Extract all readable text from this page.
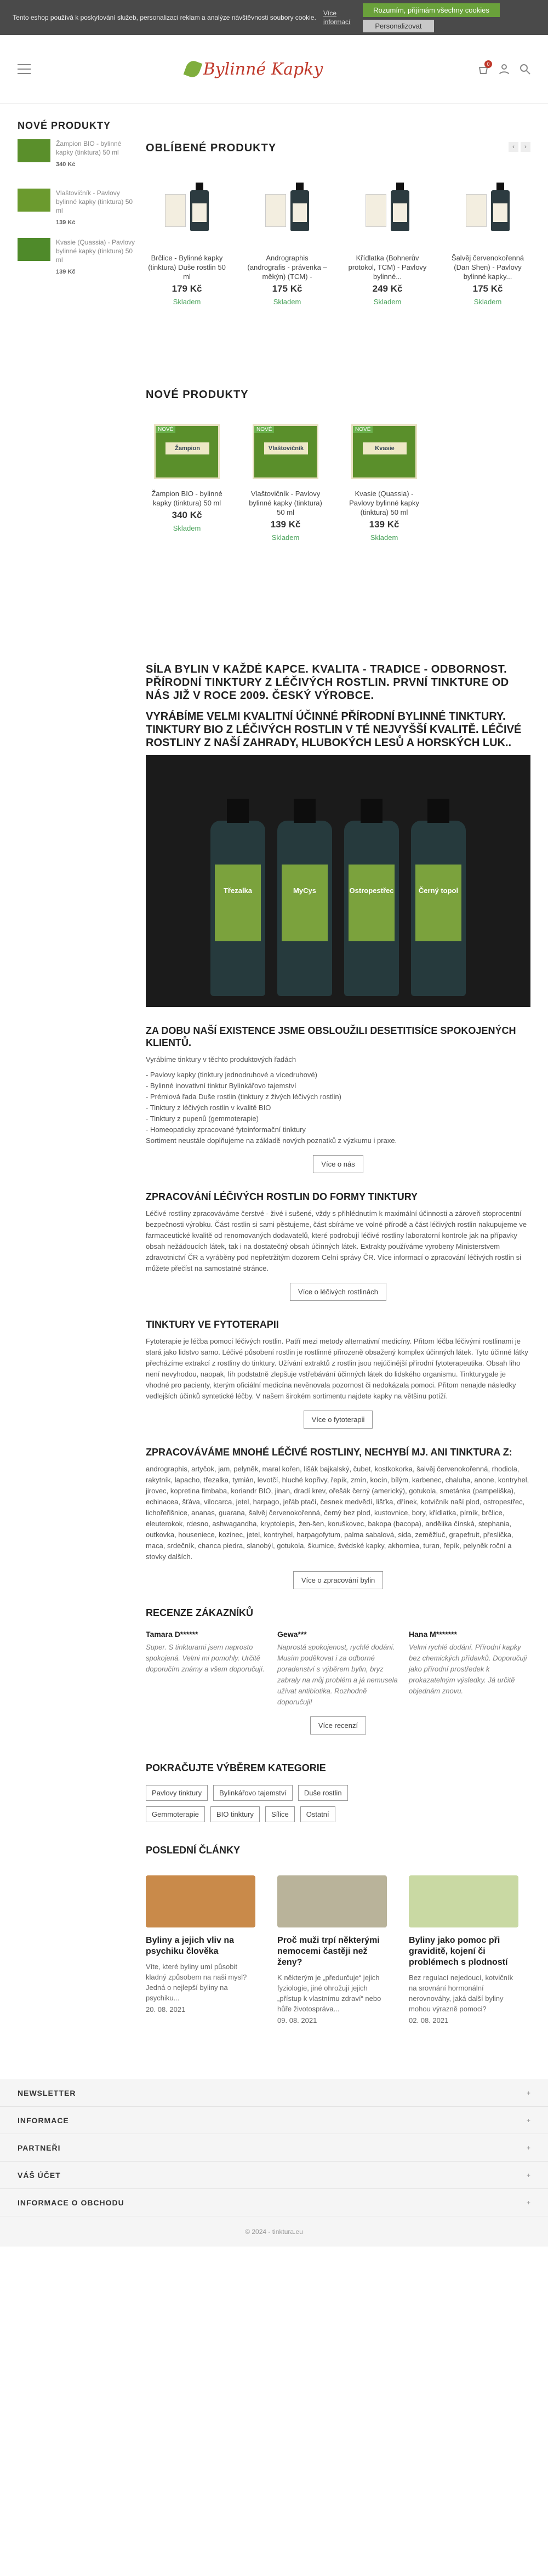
Tento eshop používá k poskytování služeb, personalizaci reklam a analýze návštěvnosti soubory cookie.
Více informací
Rozumím, přijímám všechny cookies
Personalizovat
Bylinné Kapky	0
NOVÉ PRODUKTY
Žampion BIO - bylinné kapky (tinktura) 50 ml
340 Kč
Vlaštovičník - Pavlovy bylinné kapky (tinktura) 50 ml
139 Kč
Kvasie (Quassia) - Pavlovy bylinné kapky (tinktura) 50 ml
139 Kč
OBLÍBENÉ PRODUKTY	‹	›
Brčlice - Bylinné kapky (tinktura) Duše rostlin 50 ml
179 Kč
Skladem
Andrographis (andrografis - právenka – měkýn) (TCM) -
175 Kč
Skladem
Křídlatka (Bohnerův protokol, TCM) - Pavlovy bylinné...
249 Kč
Skladem
Šalvěj červenokořenná (Dan Shen) - Pavlovy bylinné kapky...
175 Kč
Skladem
NOVÉ PRODUKTY
NOVÉ
Žampion
Žampion BIO - bylinné kapky (tinktura) 50 ml
340 Kč
Skladem
NOVÉ
Vlaštovičník
Vlaštovičník - Pavlovy bylinné kapky (tinktura) 50 ml
139 Kč
Skladem
NOVÉ
Kvasie
Kvasie (Quassia) - Pavlovy bylinné kapky (tinktura) 50 ml
139 Kč
Skladem
SÍLA BYLIN V KAŽDÉ KAPCE. KVALITA - TRADICE - ODBORNOST. PŘÍRODNÍ TINKTURY Z LÉČIVÝCH ROSTLIN. PRVNÍ TINKTURE OD NÁS JIŽ V ROCE 2009. ČESKÝ VÝROBCE.
VYRÁBÍME VELMI KVALITNÍ ÚČINNÉ PŘÍRODNÍ BYLINNÉ TINKTURY. TINKTURY BIO Z LÉČIVÝCH ROSTLIN V TÉ NEJVYŠŠÍ KVALITĚ. LÉČIVÉ ROSTLINY Z NAŠÍ ZAHRADY, HLUBOKÝCH LESŮ A HORSKÝCH LUK..
Třezalka	MyCys	Ostropestřec	Černý topol
ZA DOBU NAŠÍ EXISTENCE JSME OBSLOUŽILI DESETITISÍCE SPOKOJENÝCH KLIENTŮ.

Vyrábíme tinktury v těchto produktových řadách

- Pavlovy kapky (tinktury jednodruhové a vícedruhové)
- Bylinné inovativní tinktur Bylinkářovo tajemství
- Prémiová řada Duše rostlin (tinktury z živých léčivých rostlin)
- Tinktury z léčivých rostlin v kvalitě BIO
- Tinktury z pupenů (gemmoterapie)
- Homeopaticky zpracované fytoinformační tinktury

Sortiment neustále doplňujeme na základě nových poznatků z výzkumu i praxe.

Více o nás
ZPRACOVÁNÍ LÉČIVÝCH ROSTLIN DO FORMY TINKTURY

Léčivé rostliny zpracováváme čerstvé - živé i sušené, vždy s přihlédnutím k maximální účinnosti a zároveň stoprocentní bezpečnosti výrobku. Část rostlin si sami pěstujeme, část sbíráme ve volné přírodě a část léčivých rostlin nakupujeme ve farmaceutické kvalitě od renomovaných dodavatelů, které podrobují léčivé rostliny laboratorní kontrole jak na přípavky obsah nežádoucích látek, tak i na dostatečný obsah účinných látek. Extrakty používáme vyrobeny Ministerstvem zdravotnictví ČR a vyráběny pod nepřetržitým dozorem Celní správy ČR. Více informací o zpracování léčivých rostlin si můžete přečíst na samostatné stránce.

Více o léčivých rostlinách
TINKTURY VE FYTOTERAPII

Fytoterapie je léčba pomocí léčivých rostlin. Patří mezi metody alternativní medicíny. Přitom léčba léčivými rostlinami je stará jako lidstvo samo. Léčivé působení rostlin je rostlinné přirozeně obsažený komplex účinných látek. Tyto účinné látky přecházíme extrakcí z rostliny do tinktury. Užívání extraktů z rostlin jsou nejúčinější přírodní fytoterapeutika. Obsah liho není nevyhodou, naopak, líh podstatně zlepšuje vstřebávání účinných látek do lidského organismu. Tinkturygale je vhodné pro pacienty, kterým oficiální medicína nevěnovala pozornost či nedokázala pomoci. Přitom nenajde následky vedlejších účinků syntetické léčby. V našem širokém sortimentu najdete kapky na většinu potíží.

Více o fytoterapii
ZPRACOVÁVÁME MNOHÉ LÉČIVÉ ROSTLINY, NECHYBÍ MJ. ANI TINKTURA Z:

andrographis, artyčok, jam, pelyněk, maral kořen, lišák bajkalský, čubet, kostkokorka, šalvěj červenokořenná, rhodiola, rakytník, lapacho, třezalka, tymián, levotčí, hluché kopřivy, řepík, zmín, kocín, bílým, karbenec, chaluha, anone, kontryhel, jirovec, kopretina fimbaba, koriandr BIO, jinan, dradí krev, ořešák černý (americký), gotukola, smetánka (pampeliška), echinacea, šťáva, vilocarca, jetel, harpago, jeřáb ptačí, česnek medvědí, lišťka, dřínek, kotvičník naší plod, ostropestřec, lichořeřišnice, ananas, guarana, šalvěj červenokořenná, černý bez plod, kustovnice, bory, křídlatka, pírník, brčlice, eleuterokok, rdesno, ashwagandha, kryptolepis, žen-šen, koruškovec, bakopa (bacopa), andělika čínská, stephania, outkovka, houseniece, kozinec, jetel, kontryhel, harpagofytum, palma sabalová, sida, zeměžluč, grapefruit, přeslička, maca, srdečník, chanca piedra, slanobýl, gotukola, škumice, švédské kapky, akhorniea, turan, řepík, pelyněk roční a stovky dalších.

Více o zpracování bylin
RECENZE ZÁKAZNÍKŮ
Tamara D******
Super. S tinkturami jsem naprosto spokojená. Velmi mi pomohly. Určitě doporučím známy a všem doporučují.
Gewa***
Naprostá spokojenost, rychlé dodání. Musím poděkovat i za odborné poradenství s výběrem bylin, bryz zabraly na můj problém a já nemusela užívat antibiotika. Rozhodně doporučuji!
Hana M*******
Velmi rychlé dodání. Přírodní kapky bez chemických přídavků. Doporučuji jako přírodní prostředek k prokazatelným výsledky. Já určitě objednám znovu.
Více recenzí
POKRAČUJTE VÝBĚREM KATEGORIE
Pavlovy tinktury	Bylinkářovo tajemství	Duše rostlin
Gemmoterapie	BIO tinktury	Sílice	Ostatní
POSLEDNÍ ČLÁNKY
Byliny a jejich vliv na psychiku člověka

Víte, které byliny umí působit kladný způsobem na naši mysl? Jedná o nejlepší byliny na psychiku...

20. 08. 2021
Proč muži trpí některými nemocemi častěji než ženy?

K některým je „předurčuje“ jejich fyziologie, jiné ohrožují jejich „přístup k vlastnímu zdraví“ nebo hůře životospráva...

09. 08. 2021
Byliny jako pomoc při graviditě, kojení či problémech s plodností

Bez regulací nejedoucí, kotvičník na srovnání hormonální nerovnováhy, jaká další byliny mohou výrazně pomoci?

02. 08. 2021
NEWSLETTER	+
INFORMACE	+
PARTNEŘI	+
VÁŠ ÚČET	+
INFORMACE O OBCHODU	+
© 2024 - tinktura.eu
